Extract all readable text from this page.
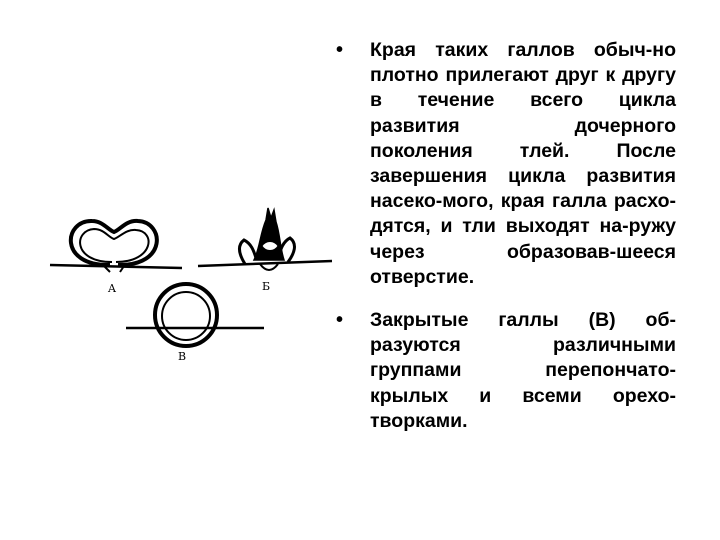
A	Б
В
• Края таких галлов обыч-но плотно прилегают друг к другу в течение всего цикла развития дочерного поколения тлей. После завершения цикла развития насеко-мого, края галла расхо-дятся, и тли выходят на-ружу через образовав-шееся отверстие.
• Закрытые галлы (В) об-разуются различными группами перепончато-крылых и всеми орехо-творками.
